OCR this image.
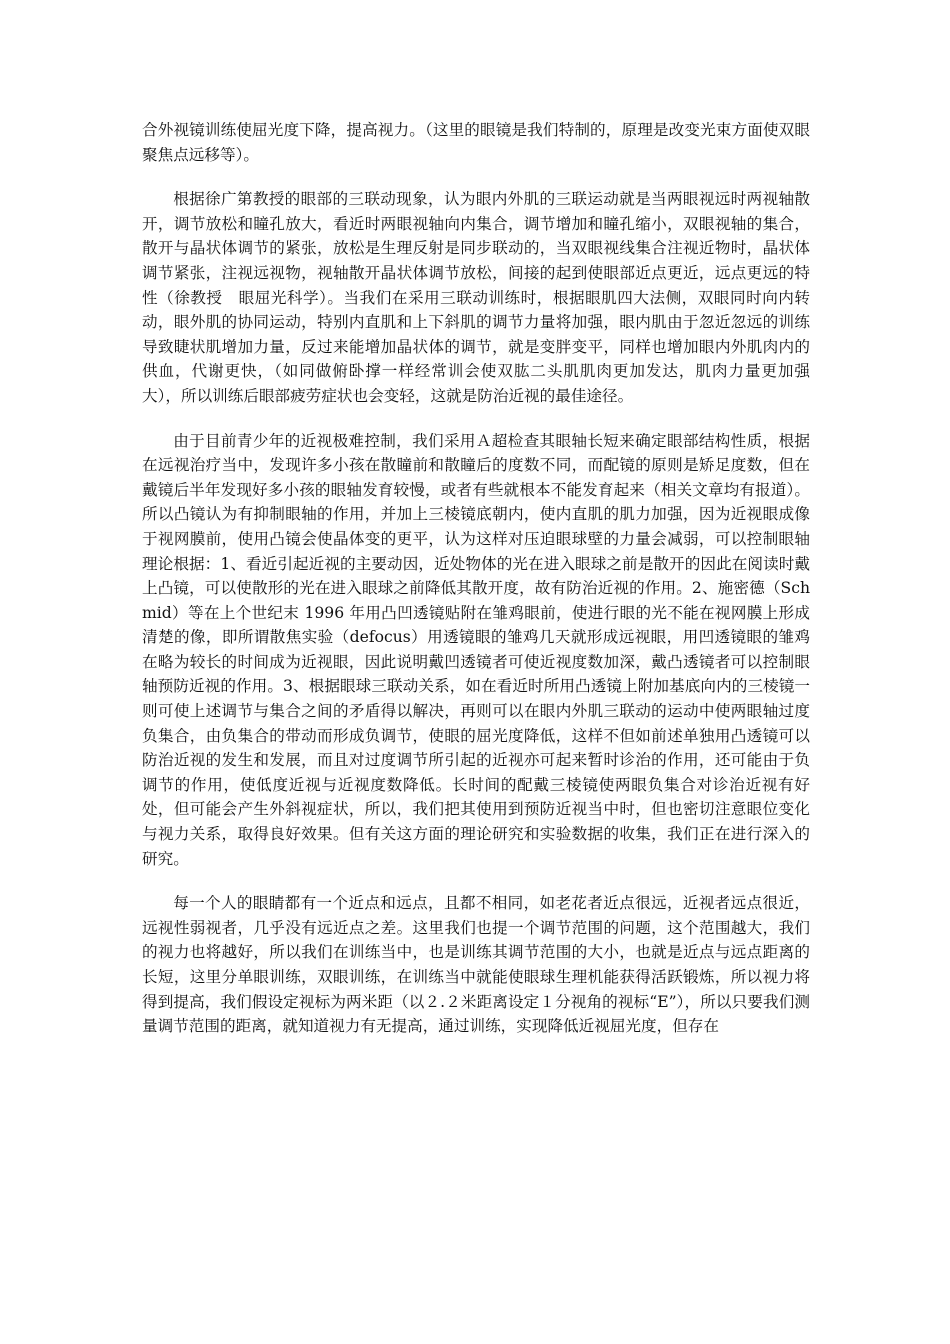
合外视镜训练使屈光度下降，提高视力。（这里的眼镜是我们特制的，原理是改变光束方面使双眼聚焦点远移等）。

根据徐广第教授的眼部的三联动现象，认为眼内外肌的三联运动就是当两眼视远时两视轴散开，调节放松和瞳孔放大，看近时两眼视轴向内集合，调节增加和瞳孔缩小，双眼视轴的集合，散开与晶状体调节的紧张，放松是生理反射是同步联动的，当双眼视线集合注视近物时，晶状体调节紧张，注视远视物，视轴散开晶状体调节放松，间接的起到使眼部近点更近，远点更远的特性（徐教授　眼屈光科学）。当我们在采用三联动训练时，根据眼肌四大法侧，双眼同时向内转动，眼外肌的协同运动，特别内直肌和上下斜肌的调节力量将加强，眼内肌由于忽近忽远的训练导致睫状肌增加力量，反过来能增加晶状体的调节，就是变胖变平，同样也增加眼内外肌肉内的供血，代谢更快，（如同做俯卧撑一样经常训会使双肱二头肌肌肉更加发达，肌肉力量更加强大），所以训练后眼部疲劳症状也会变轻，这就是防治近视的最佳途径。

由于目前青少年的近视极难控制，我们采用Ａ超检查其眼轴长短来确定眼部结构性质，根据在远视治疗当中，发现许多小孩在散瞳前和散瞳后的度数不同，而配镜的原则是矫足度数，但在戴镜后半年发现好多小孩的眼轴发育较慢，或者有些就根本不能发育起来（相关文章均有报道）。所以凸镜认为有抑制眼轴的作用，并加上三棱镜底朝内，使内直肌的肌力加强，因为近视眼成像于视网膜前，使用凸镜会使晶体变的更平，认为这样对压迫眼球壁的力量会减弱，可以控制眼轴理论根据：1、看近引起近视的主要动因，近处物体的光在进入眼球之前是散开的因此在阅读时戴上凸镜，可以使散形的光在进入眼球之前降低其散开度，故有防治近视的作用。2、施密德（Schmid）等在上个世纪末 1996 年用凸凹透镜贴附在雏鸡眼前，使进行眼的光不能在视网膜上形成清楚的像，即所谓散焦实验（defocus）用透镜眼的雏鸡几天就形成远视眼，用凹透镜眼的雏鸡在略为较长的时间成为近视眼，因此说明戴凹透镜者可使近视度数加深，戴凸透镜者可以控制眼轴预防近视的作用。3、根据眼球三联动关系，如在看近时所用凸透镜上附加基底向内的三棱镜一则可使上述调节与集合之间的矛盾得以解决，再则可以在眼内外肌三联动的运动中使两眼轴过度负集合，由负集合的带动而形成负调节，使眼的屈光度降低，这样不但如前述单独用凸透镜可以防治近视的发生和发展，而且对过度调节所引起的近视亦可起来暂时诊治的作用，还可能由于负调节的作用，使低度近视与近视度数降低。长时间的配戴三棱镜使两眼负集合对诊治近视有好处，但可能会产生外斜视症状，所以，我们把其使用到预防近视当中时，但也密切注意眼位变化与视力关系，取得良好效果。但有关这方面的理论研究和实验数据的收集，我们正在进行深入的研究。

每一个人的眼睛都有一个近点和远点，且都不相同，如老花者近点很远，近视者远点很近，远视性弱视者，几乎没有远近点之差。这里我们也提一个调节范围的问题，这个范围越大，我们的视力也将越好，所以我们在训练当中，也是训练其调节范围的大小，也就是近点与远点距离的长短，这里分单眼训练，双眼训练，在训练当中就能使眼球生理机能获得活跃锻炼，所以视力将得到提高，我们假设定视标为两米距（以２.２米距离设定１分视角的视标“E”），所以只要我们测量调节范围的距离，就知道视力有无提高，通过训练，实现降低近视屈光度，但存在
